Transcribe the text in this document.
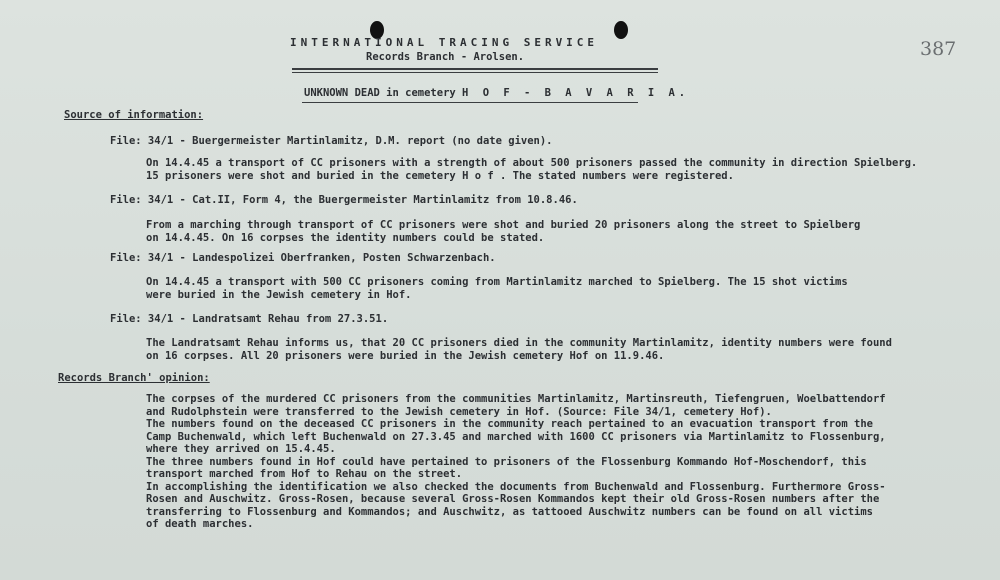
INTERNATIONAL TRACING SERVICE
Records Branch - Arolsen.	387
UNKNOWN DEAD in cemetery H O F - B A V A R I A.
Source of information:
File: 34/1 - Buergermeister Martinlamitz, D.M. report (no date given).
On 14.4.45 a transport of CC prisoners with a strength of about 500 prisoners passed the community in direction Spielberg.
15 prisoners were shot and buried in the cemetery H o f . The stated numbers were registered.
File: 34/1 - Cat.II, Form 4, the Buergermeister Martinlamitz from 10.8.46.
From a marching through transport of CC prisoners were shot and buried 20 prisoners along the street to Spielberg
on 14.4.45. On 16 corpses the identity numbers could be stated.
File: 34/1 - Landespolizei Oberfranken, Posten Schwarzenbach.
On 14.4.45 a transport with 500 CC prisoners coming from Martinlamitz marched to Spielberg. The 15 shot victims
were buried in the Jewish cemetery in Hof.
File: 34/1 - Landratsamt Rehau from 27.3.51.
The Landratsamt Rehau informs us, that 20 CC prisoners died in the community Martinlamitz, identity numbers were found
on 16 corpses. All 20 prisoners were buried in the Jewish cemetery Hof on 11.9.46.
Records Branch' opinion:
The corpses of the murdered CC prisoners from the communities Martinlamitz, Martinsreuth, Tiefengruen, Woelbattendorf
and Rudolphstein were transferred to the Jewish cemetery in Hof. (Source: File 34/1, cemetery Hof).
The numbers found on the deceased CC prisoners in the community reach pertained to an evacuation transport from the
Camp Buchenwald, which left Buchenwald on 27.3.45 and marched with 1600 CC prisoners via Martinlamitz to Flossenburg,
where they arrived on 15.4.45.
The three numbers found in Hof could have pertained to prisoners of the Flossenburg Kommando Hof-Moschendorf, this
transport marched from Hof to Rehau on the street.
In accomplishing the identification we also checked the documents from Buchenwald and Flossenburg. Furthermore Gross-
Rosen and Auschwitz. Gross-Rosen, because several Gross-Rosen Kommandos kept their old Gross-Rosen numbers after the
transferring to Flossenburg and Kommandos; and Auschwitz, as tattooed Auschwitz numbers can be found on all victims
of death marches.
